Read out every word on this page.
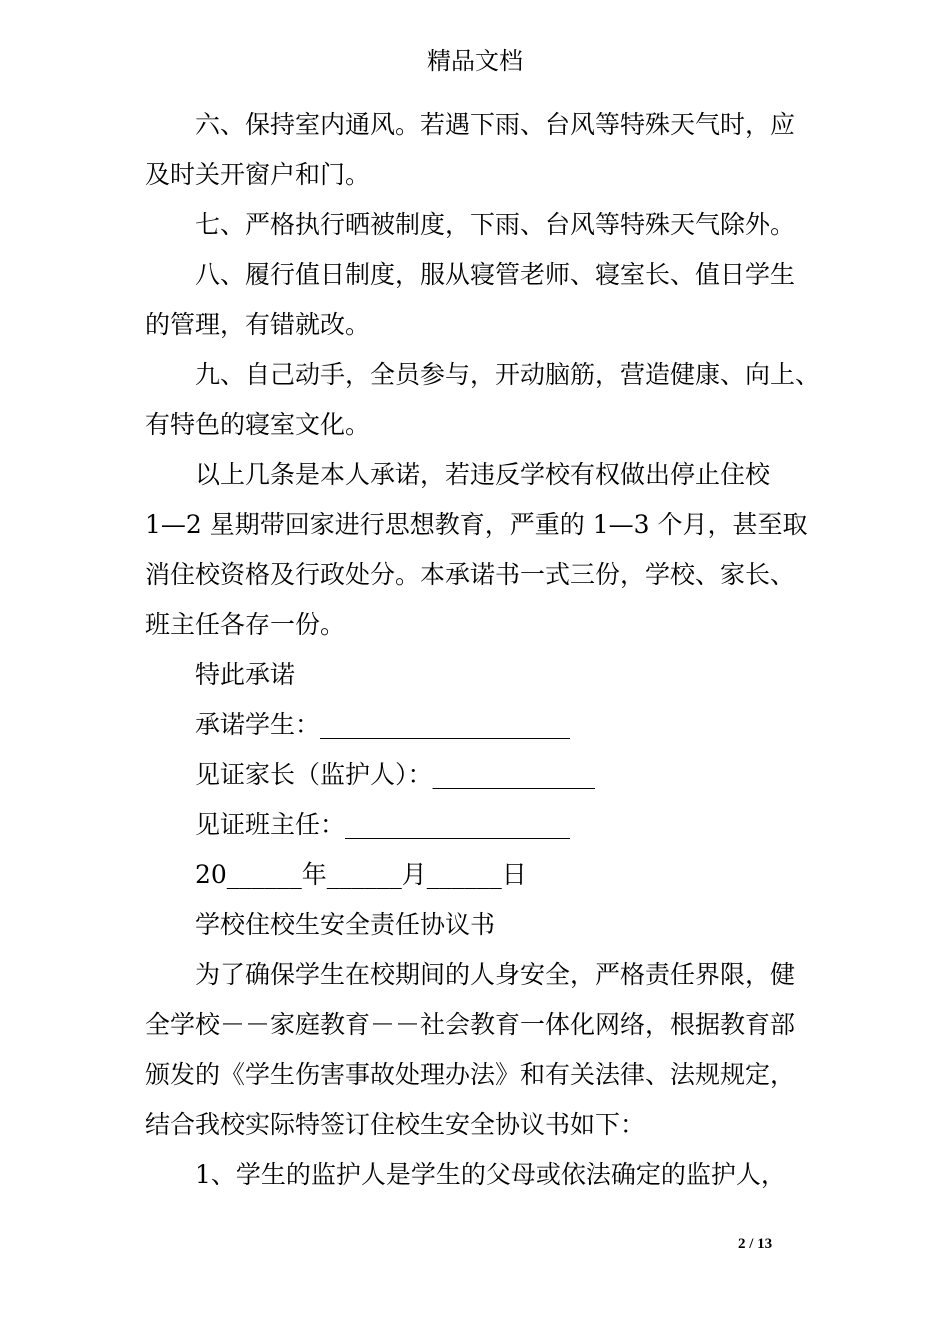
精品文档
六、保持室内通风。若遇下雨、台风等特殊天气时，应
及时关开窗户和门。
七、严格执行晒被制度，下雨、台风等特殊天气除外。
八、履行值日制度，服从寝管老师、寝室长、值日学生
的管理，有错就改。
九、自己动手，全员参与，开动脑筋，营造健康、向上、
有特色的寝室文化。
以上几条是本人承诺，若违反学校有权做出停止住校
1—2 星期带回家进行思想教育，严重的 1—3 个月，甚至取
消住校资格及行政处分。本承诺书一式三份，学校、家长、
班主任各存一份。
特此承诺
承诺学生：____________________
见证家长（监护人）：_____________
见证班主任：__________________
20______年______月______日
学校住校生安全责任协议书
为了确保学生在校期间的人身安全，严格责任界限，健
全学校－－家庭教育－－社会教育一体化网络，根据教育部
颁发的《学生伤害事故处理办法》和有关法律、法规规定，
结合我校实际特签订住校生安全协议书如下：
1、学生的监护人是学生的父母或依法确定的监护人，
2 / 13
